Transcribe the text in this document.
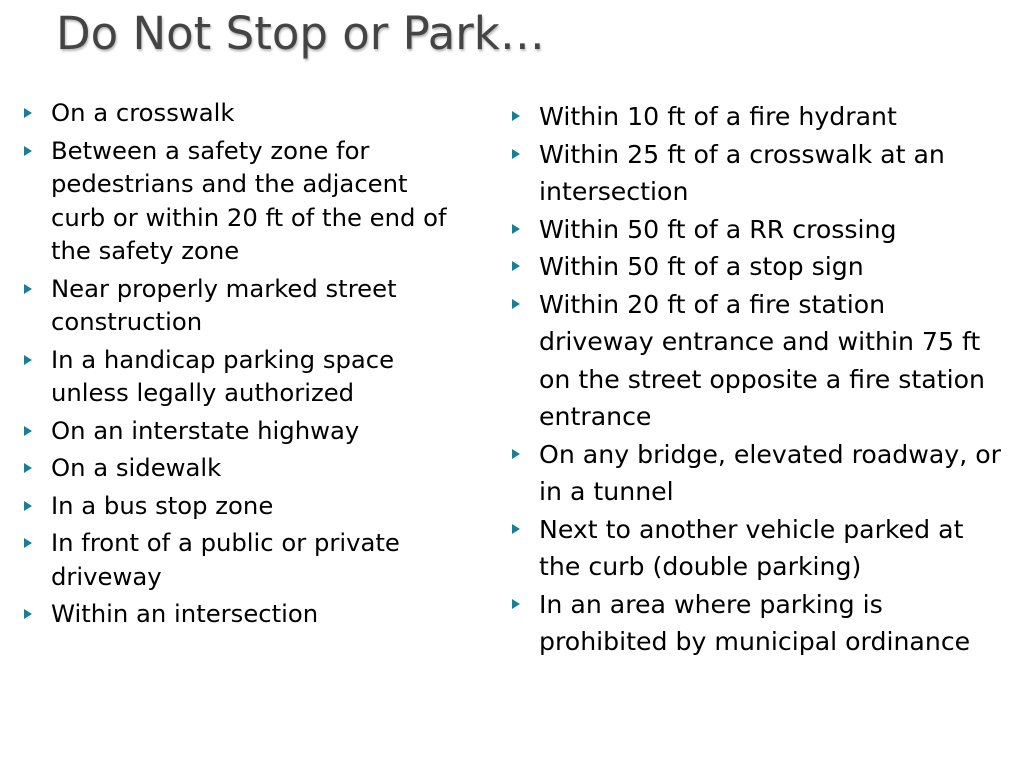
Do Not Stop or Park…
On a crosswalk
Between a safety zone for pedestrians and the adjacent curb or within 20 ft of the end of the safety zone
Near properly marked street construction
In a handicap parking space unless legally authorized
On an interstate highway
On a sidewalk
In a bus stop zone
In front of a public or private driveway
Within an intersection
Within 10 ft of a fire hydrant
Within 25 ft of a crosswalk at an intersection
Within 50 ft of a RR crossing
Within 50 ft of a stop sign
Within 20 ft of a fire station driveway entrance and within 75 ft on the street opposite a fire station entrance
On any bridge, elevated roadway, or in a tunnel
Next to another vehicle parked at the curb (double parking)
In an area where parking is prohibited by municipal ordinance
